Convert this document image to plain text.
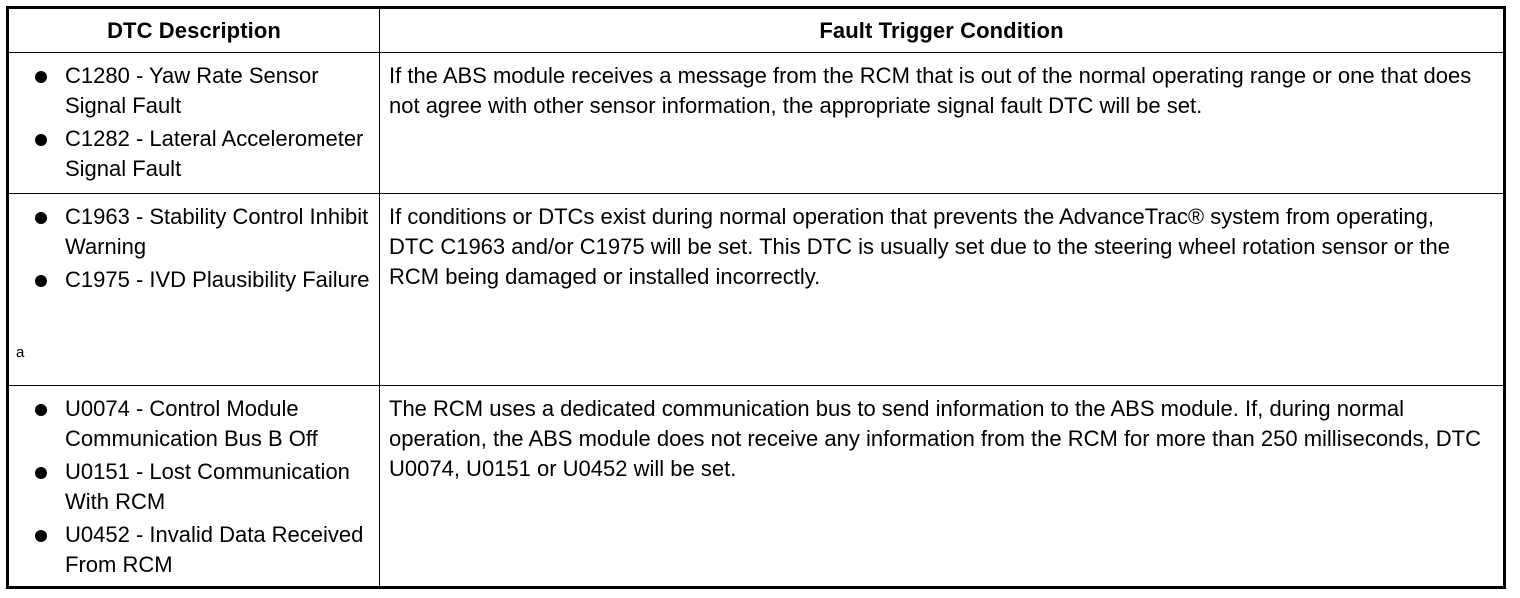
DTC Description	Fault Trigger Condition
C1280 - Yaw Rate Sensor Signal Fault
C1282 - Lateral Accelerometer Signal Fault

If the ABS module receives a message from the RCM that is out of the normal operating range or one that does not agree with other sensor information, the appropriate signal fault DTC will be set.

C1963 - Stability Control Inhibit Warning
C1975 - IVD Plausibility Failure
a

If conditions or DTCs exist during normal operation that prevents the AdvanceTrac® system from operating, DTC C1963 and/or C1975 will be set. This DTC is usually set due to the steering wheel rotation sensor or the RCM being damaged or installed incorrectly.

U0074 - Control Module Communication Bus B Off
U0151 - Lost Communication With RCM
U0452 - Invalid Data Received From RCM

The RCM uses a dedicated communication bus to send information to the ABS module. If, during normal operation, the ABS module does not receive any information from the RCM for more than 250 milliseconds, DTC U0074, U0151 or U0452 will be set.
